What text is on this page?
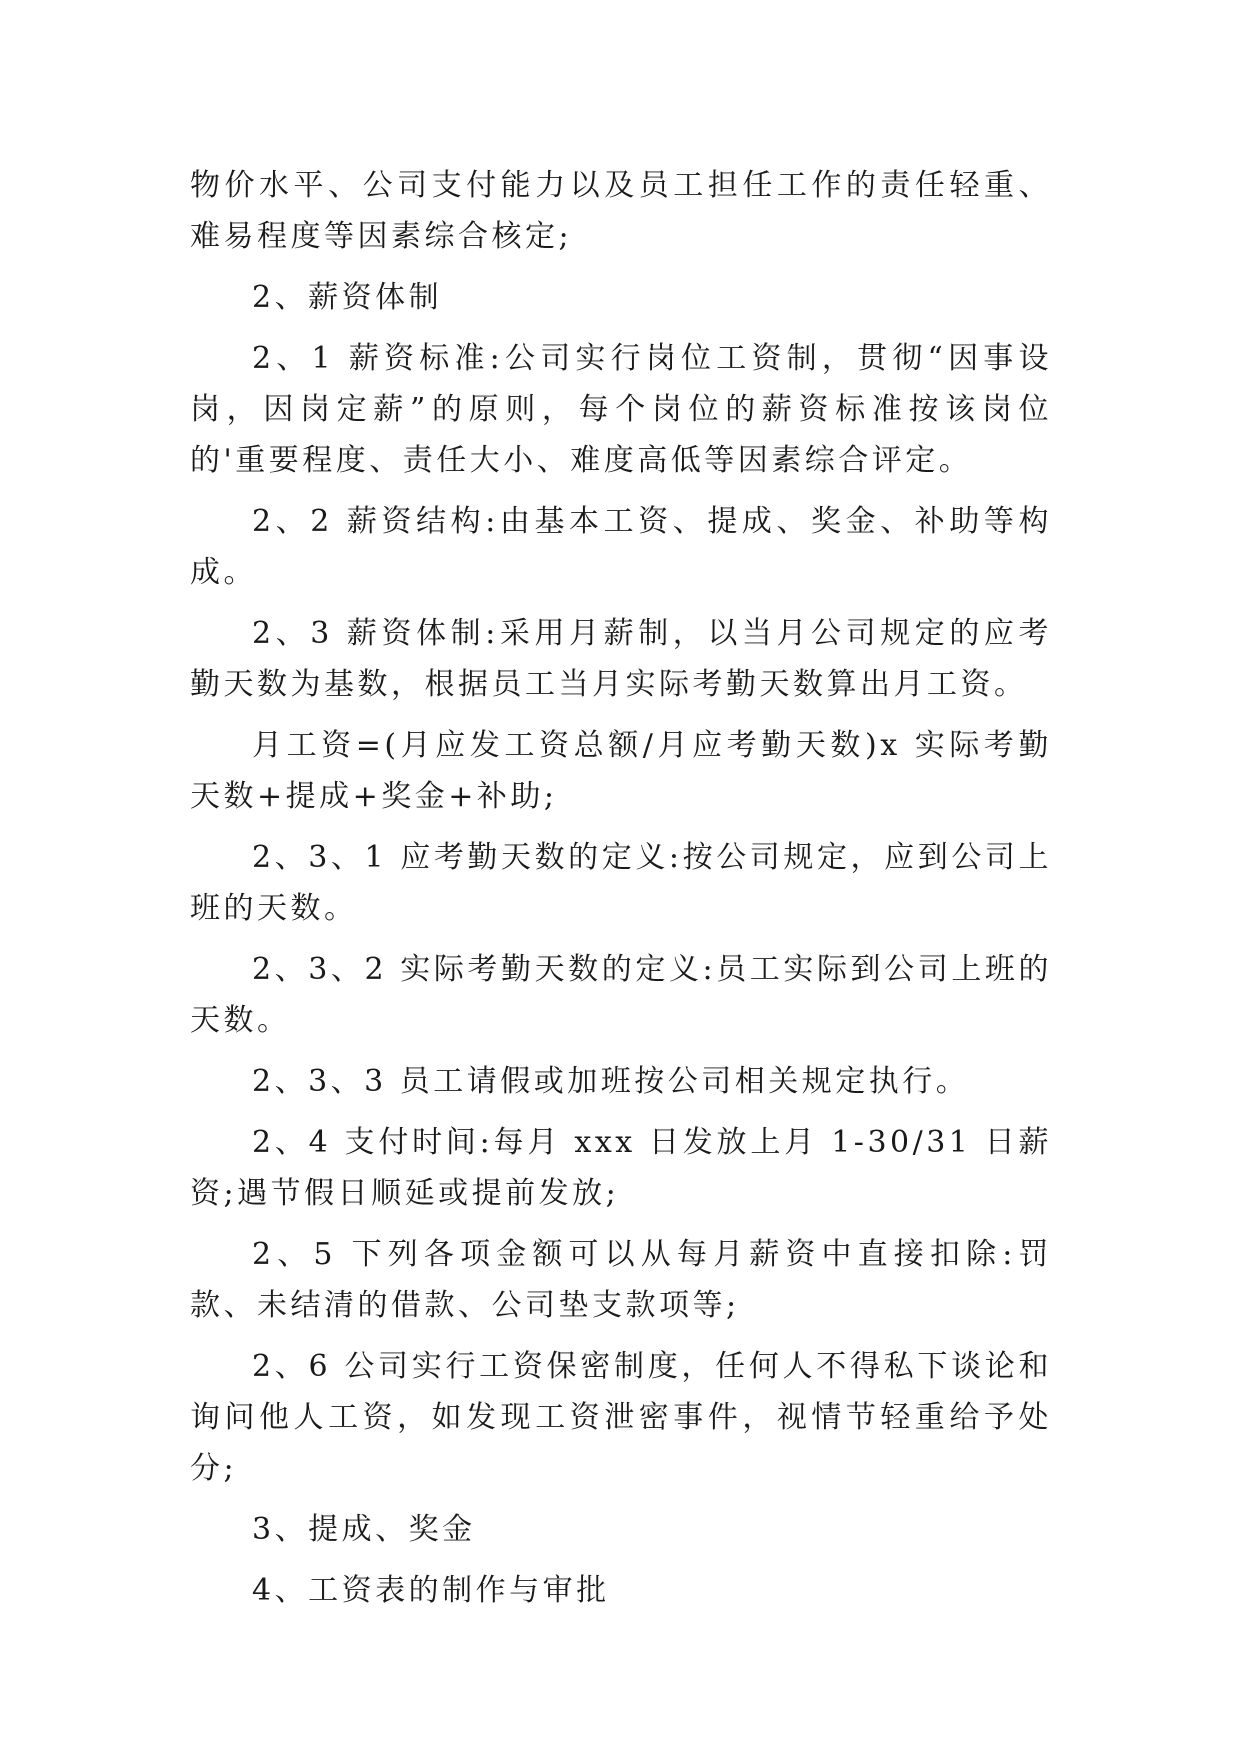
物价水平、公司支付能力以及员工担任工作的责任轻重、难易程度等因素综合核定;

2、薪资体制

2、1 薪资标准:公司实行岗位工资制，贯彻“因事设岗，因岗定薪”的原则，每个岗位的薪资标准按该岗位的'重要程度、责任大小、难度高低等因素综合评定。

2、2 薪资结构:由基本工资、提成、奖金、补助等构成。

2、3 薪资体制:采用月薪制，以当月公司规定的应考勤天数为基数，根据员工当月实际考勤天数算出月工资。

月工资=(月应发工资总额/月应考勤天数)x 实际考勤天数+提成+奖金+补助;

2、3、1 应考勤天数的定义:按公司规定，应到公司上班的天数。

2、3、2 实际考勤天数的定义:员工实际到公司上班的天数。

2、3、3 员工请假或加班按公司相关规定执行。

2、4 支付时间:每月 xxx 日发放上月 1-30/31 日薪资;遇节假日顺延或提前发放;

2、5 下列各项金额可以从每月薪资中直接扣除:罚款、未结清的借款、公司垫支款项等;

2、6 公司实行工资保密制度，任何人不得私下谈论和询问他人工资，如发现工资泄密事件，视情节轻重给予处分;

3、提成、奖金

4、工资表的制作与审批
